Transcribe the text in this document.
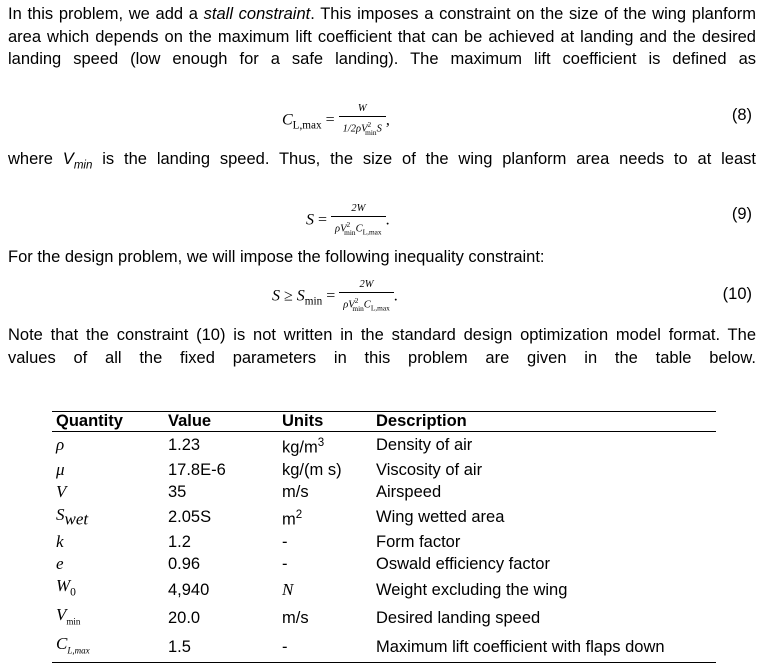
In this problem, we add a stall constraint. This imposes a constraint on the size of the wing planform area which depends on the maximum lift coefficient that can be achieved at landing and the desired landing speed (low enough for a safe landing). The maximum lift coefficient is defined as
$C_{L,max} = \frac{W}{1/2\rho V^2_{min}S}$ ,	(8)
where $V_{min}$ is the landing speed. Thus, the size of the wing planform area needs to at least
$S = \frac{2W}{\rho V^2_{min}C_{L,max}}$ .	(9)
For the design problem, we will impose the following inequality constraint:
$S \ge S_{min} = \frac{2W}{\rho V^2_{min}C_{L,max}}$ .	(10)
Note that the constraint (10) is not written in the standard design optimization model format. The values of all the fixed parameters in this problem are given in the table below.
Quantity	Value	Units	Description
ρ	1.23	$kg/m^3$	Density of air
μ	17.8E-6	kg/(m s)	Viscosity of air
V	35	m/s	Airspeed
$S_{wet}$	2.05S	$m^2$	Wing wetted area
k	1.2	-	Form factor
e	0.96	-	Oswald efficiency factor
$W_0$	4,940	N	Weight excluding the wing
$V_{min}$	20.0	m/s	Desired landing speed
$C_{L,max}$	1.5	-	Maximum lift coefficient with flaps down
